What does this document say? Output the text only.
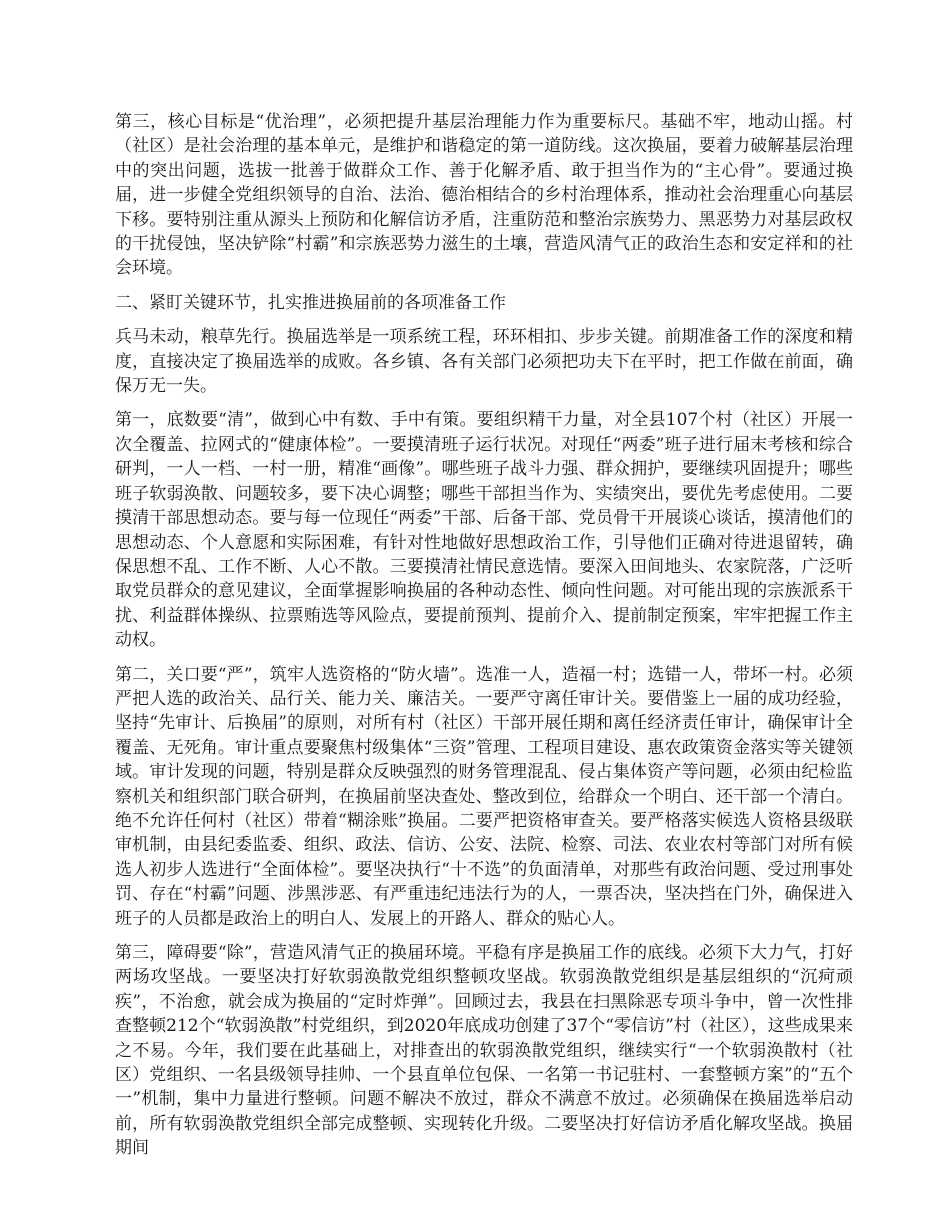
第三，核心目标是“优治理”，必须把提升基层治理能力作为重要标尺。基础不牢，地动山摇。村（社区）是社会治理的基本单元，是维护和谐稳定的第一道防线。这次换届，要着力破解基层治理中的突出问题，选拔一批善于做群众工作、善于化解矛盾、敢于担当作为的“主心骨”。要通过换届，进一步健全党组织领导的自治、法治、德治相结合的乡村治理体系，推动社会治理重心向基层下移。要特别注重从源头上预防和化解信访矛盾，注重防范和整治宗族势力、黑恶势力对基层政权的干扰侵蚀，坚决铲除“村霸”和宗族恶势力滋生的土壤，营造风清气正的政治生态和安定祥和的社会环境。

二、紧盯关键环节，扎实推进换届前的各项准备工作

兵马未动，粮草先行。换届选举是一项系统工程，环环相扣、步步关键。前期准备工作的深度和精度，直接决定了换届选举的成败。各乡镇、各有关部门必须把功夫下在平时，把工作做在前面，确保万无一失。

第一，底数要“清”，做到心中有数、手中有策。要组织精干力量，对全县107个村（社区）开展一次全覆盖、拉网式的“健康体检”。一要摸清班子运行状况。对现任“两委”班子进行届末考核和综合研判，一人一档、一村一册，精准“画像”。哪些班子战斗力强、群众拥护，要继续巩固提升；哪些班子软弱涣散、问题较多，要下决心调整；哪些干部担当作为、实绩突出，要优先考虑使用。二要摸清干部思想动态。要与每一位现任“两委”干部、后备干部、党员骨干开展谈心谈话，摸清他们的思想动态、个人意愿和实际困难，有针对性地做好思想政治工作，引导他们正确对待进退留转，确保思想不乱、工作不断、人心不散。三要摸清社情民意选情。要深入田间地头、农家院落，广泛听取党员群众的意见建议，全面掌握影响换届的各种动态性、倾向性问题。对可能出现的宗族派系干扰、利益群体操纵、拉票贿选等风险点，要提前预判、提前介入、提前制定预案，牢牢把握工作主动权。

第二，关口要“严”，筑牢人选资格的“防火墙”。选准一人，造福一村；选错一人，带坏一村。必须严把人选的政治关、品行关、能力关、廉洁关。一要严守离任审计关。要借鉴上一届的成功经验，坚持“先审计、后换届”的原则，对所有村（社区）干部开展任期和离任经济责任审计，确保审计全覆盖、无死角。审计重点要聚焦村级集体“三资”管理、工程项目建设、惠农政策资金落实等关键领域。审计发现的问题，特别是群众反映强烈的财务管理混乱、侵占集体资产等问题，必须由纪检监察机关和组织部门联合研判，在换届前坚决查处、整改到位，给群众一个明白、还干部一个清白。绝不允许任何村（社区）带着“糊涂账”换届。二要严把资格审查关。要严格落实候选人资格县级联审机制，由县纪委监委、组织、政法、信访、公安、法院、检察、司法、农业农村等部门对所有候选人初步人选进行“全面体检”。要坚决执行“十不选”的负面清单，对那些有政治问题、受过刑事处罚、存在“村霸”问题、涉黑涉恶、有严重违纪违法行为的人，一票否决，坚决挡在门外，确保进入班子的人员都是政治上的明白人、发展上的开路人、群众的贴心人。

第三，障碍要“除”，营造风清气正的换届环境。平稳有序是换届工作的底线。必须下大力气，打好两场攻坚战。一要坚决打好软弱涣散党组织整顿攻坚战。软弱涣散党组织是基层组织的“沉疴顽疾”，不治愈，就会成为换届的“定时炸弹”。回顾过去，我县在扫黑除恶专项斗争中，曾一次性排查整顿212个“软弱涣散”村党组织，到2020年底成功创建了37个“零信访”村（社区），这些成果来之不易。今年，我们要在此基础上，对排查出的软弱涣散党组织，继续实行“一个软弱涣散村（社区）党组织、一名县级领导挂帅、一个县直单位包保、一名第一书记驻村、一套整顿方案”的“五个一”机制，集中力量进行整顿。问题不解决不放过，群众不满意不放过。必须确保在换届选举启动前，所有软弱涣散党组织全部完成整顿、实现转化升级。二要坚决打好信访矛盾化解攻坚战。换届期间
